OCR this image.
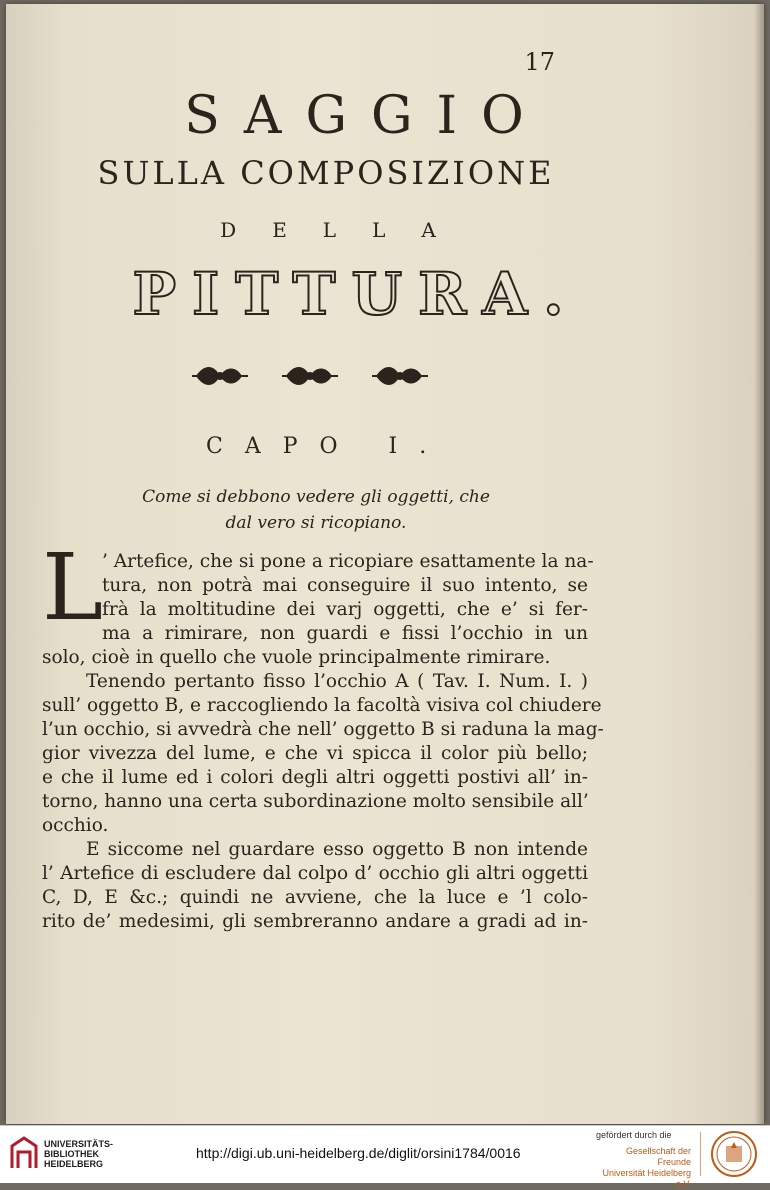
17
SAGGIO
SULLA COMPOSIZIONE
DELLA
PITTURA.
CAPO I.
Come si debbono vedere gli oggetti, che
dal vero si ricopiano.
L
’ Artefice, che si pone a ricopiare esattamente la na-
tura, non potrà mai conseguire il suo intento, se
frà la moltitudine dei varj oggetti, che e’ si fer-
ma a rimirare, non guardi e fissi l’occhio in un
solo, cioè in quello che vuole principalmente rimirare.
Tenendo pertanto fisso l’occhio A ( Tav. I. Num. I. )
sull’ oggetto B, e raccogliendo la facoltà visiva col chiudere
l’un occhio, si avvedrà che nell’ oggetto B si raduna la mag-
gior vivezza del lume, e che vi spicca il color più bello;
e che il lume ed i colori degli altri oggetti postivi all’ in-
torno, hanno una certa subordinazione molto sensibile all’
occhio.
E siccome nel guardare esso oggetto B non intende
l’ Artefice di escludere dal colpo d’ occhio gli altri oggetti
C, D, E &c.; quindi ne avviene, che la luce e ’l colo-
rito de’ medesimi, gli sembreranno andare a gradi ad in-
UNIVERSITÄTS-
BIBLIOTHEK
HEIDELBERG
http://digi.ub.uni-heidelberg.de/diglit/orsini1784/0016
gefördert durch die
Gesellschaft der Freunde
Universität Heidelberg e.V.
